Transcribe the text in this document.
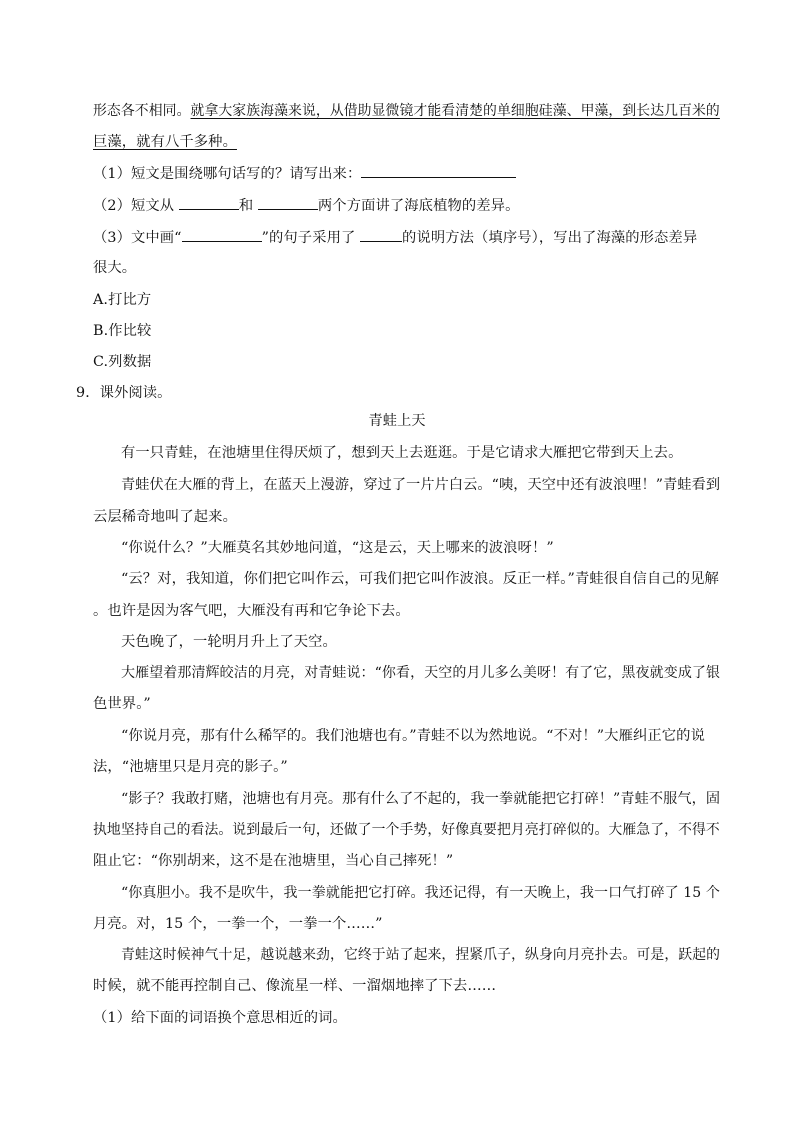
形态各不相同。就拿大家族海藻来说，从借助显微镜才能看清楚的单细胞硅藻、甲藻，到长达几百米的
巨藻，就有八千多种。
（1）短文是围绕哪句话写的？请写出来：
（2）短文从	和	两个方面讲了海底植物的差异。
（3）文中画“	”的句子采用了	的说明方法（填序号），写出了海藻的形态差异
很大。
A.打比方
B.作比较
C.列数据
9．课外阅读。
青蛙上天
有一只青蛙，在池塘里住得厌烦了，想到天上去逛逛。于是它请求大雁把它带到天上去。
青蛙伏在大雁的背上，在蓝天上漫游，穿过了一片片白云。“咦，天空中还有波浪哩！”青蛙看到
云层稀奇地叫了起来。
“你说什么？”大雁莫名其妙地问道，“这是云，天上哪来的波浪呀！”
“云？对，我知道，你们把它叫作云，可我们把它叫作波浪。反正一样。”青蛙很自信自己的见解
。也许是因为客气吧，大雁没有再和它争论下去。
天色晚了，一轮明月升上了天空。
大雁望着那清辉皎洁的月亮，对青蛙说：“你看，天空的月儿多么美呀！有了它，黑夜就变成了银
色世界。”
“你说月亮，那有什么稀罕的。我们池塘也有。”青蛙不以为然地说。“不对！”大雁纠正它的说
法，“池塘里只是月亮的影子。”
“影子？我敢打赌，池塘也有月亮。那有什么了不起的，我一拳就能把它打碎！”青蛙不服气，固
执地坚持自己的看法。说到最后一句，还做了一个手势，好像真要把月亮打碎似的。大雁急了，不得不
阻止它：“你别胡来，这不是在池塘里，当心自己摔死！”
“你真胆小。我不是吹牛，我一拳就能把它打碎。我还记得，有一天晚上，我一口气打碎了 15 个
月亮。对，15 个，一拳一个，一拳一个……”
青蛙这时候神气十足，越说越来劲，它终于站了起来，捏紧爪子，纵身向月亮扑去。可是，跃起的
时候，就不能再控制自己、像流星一样、一溜烟地摔了下去……
（1）给下面的词语换个意思相近的词。
